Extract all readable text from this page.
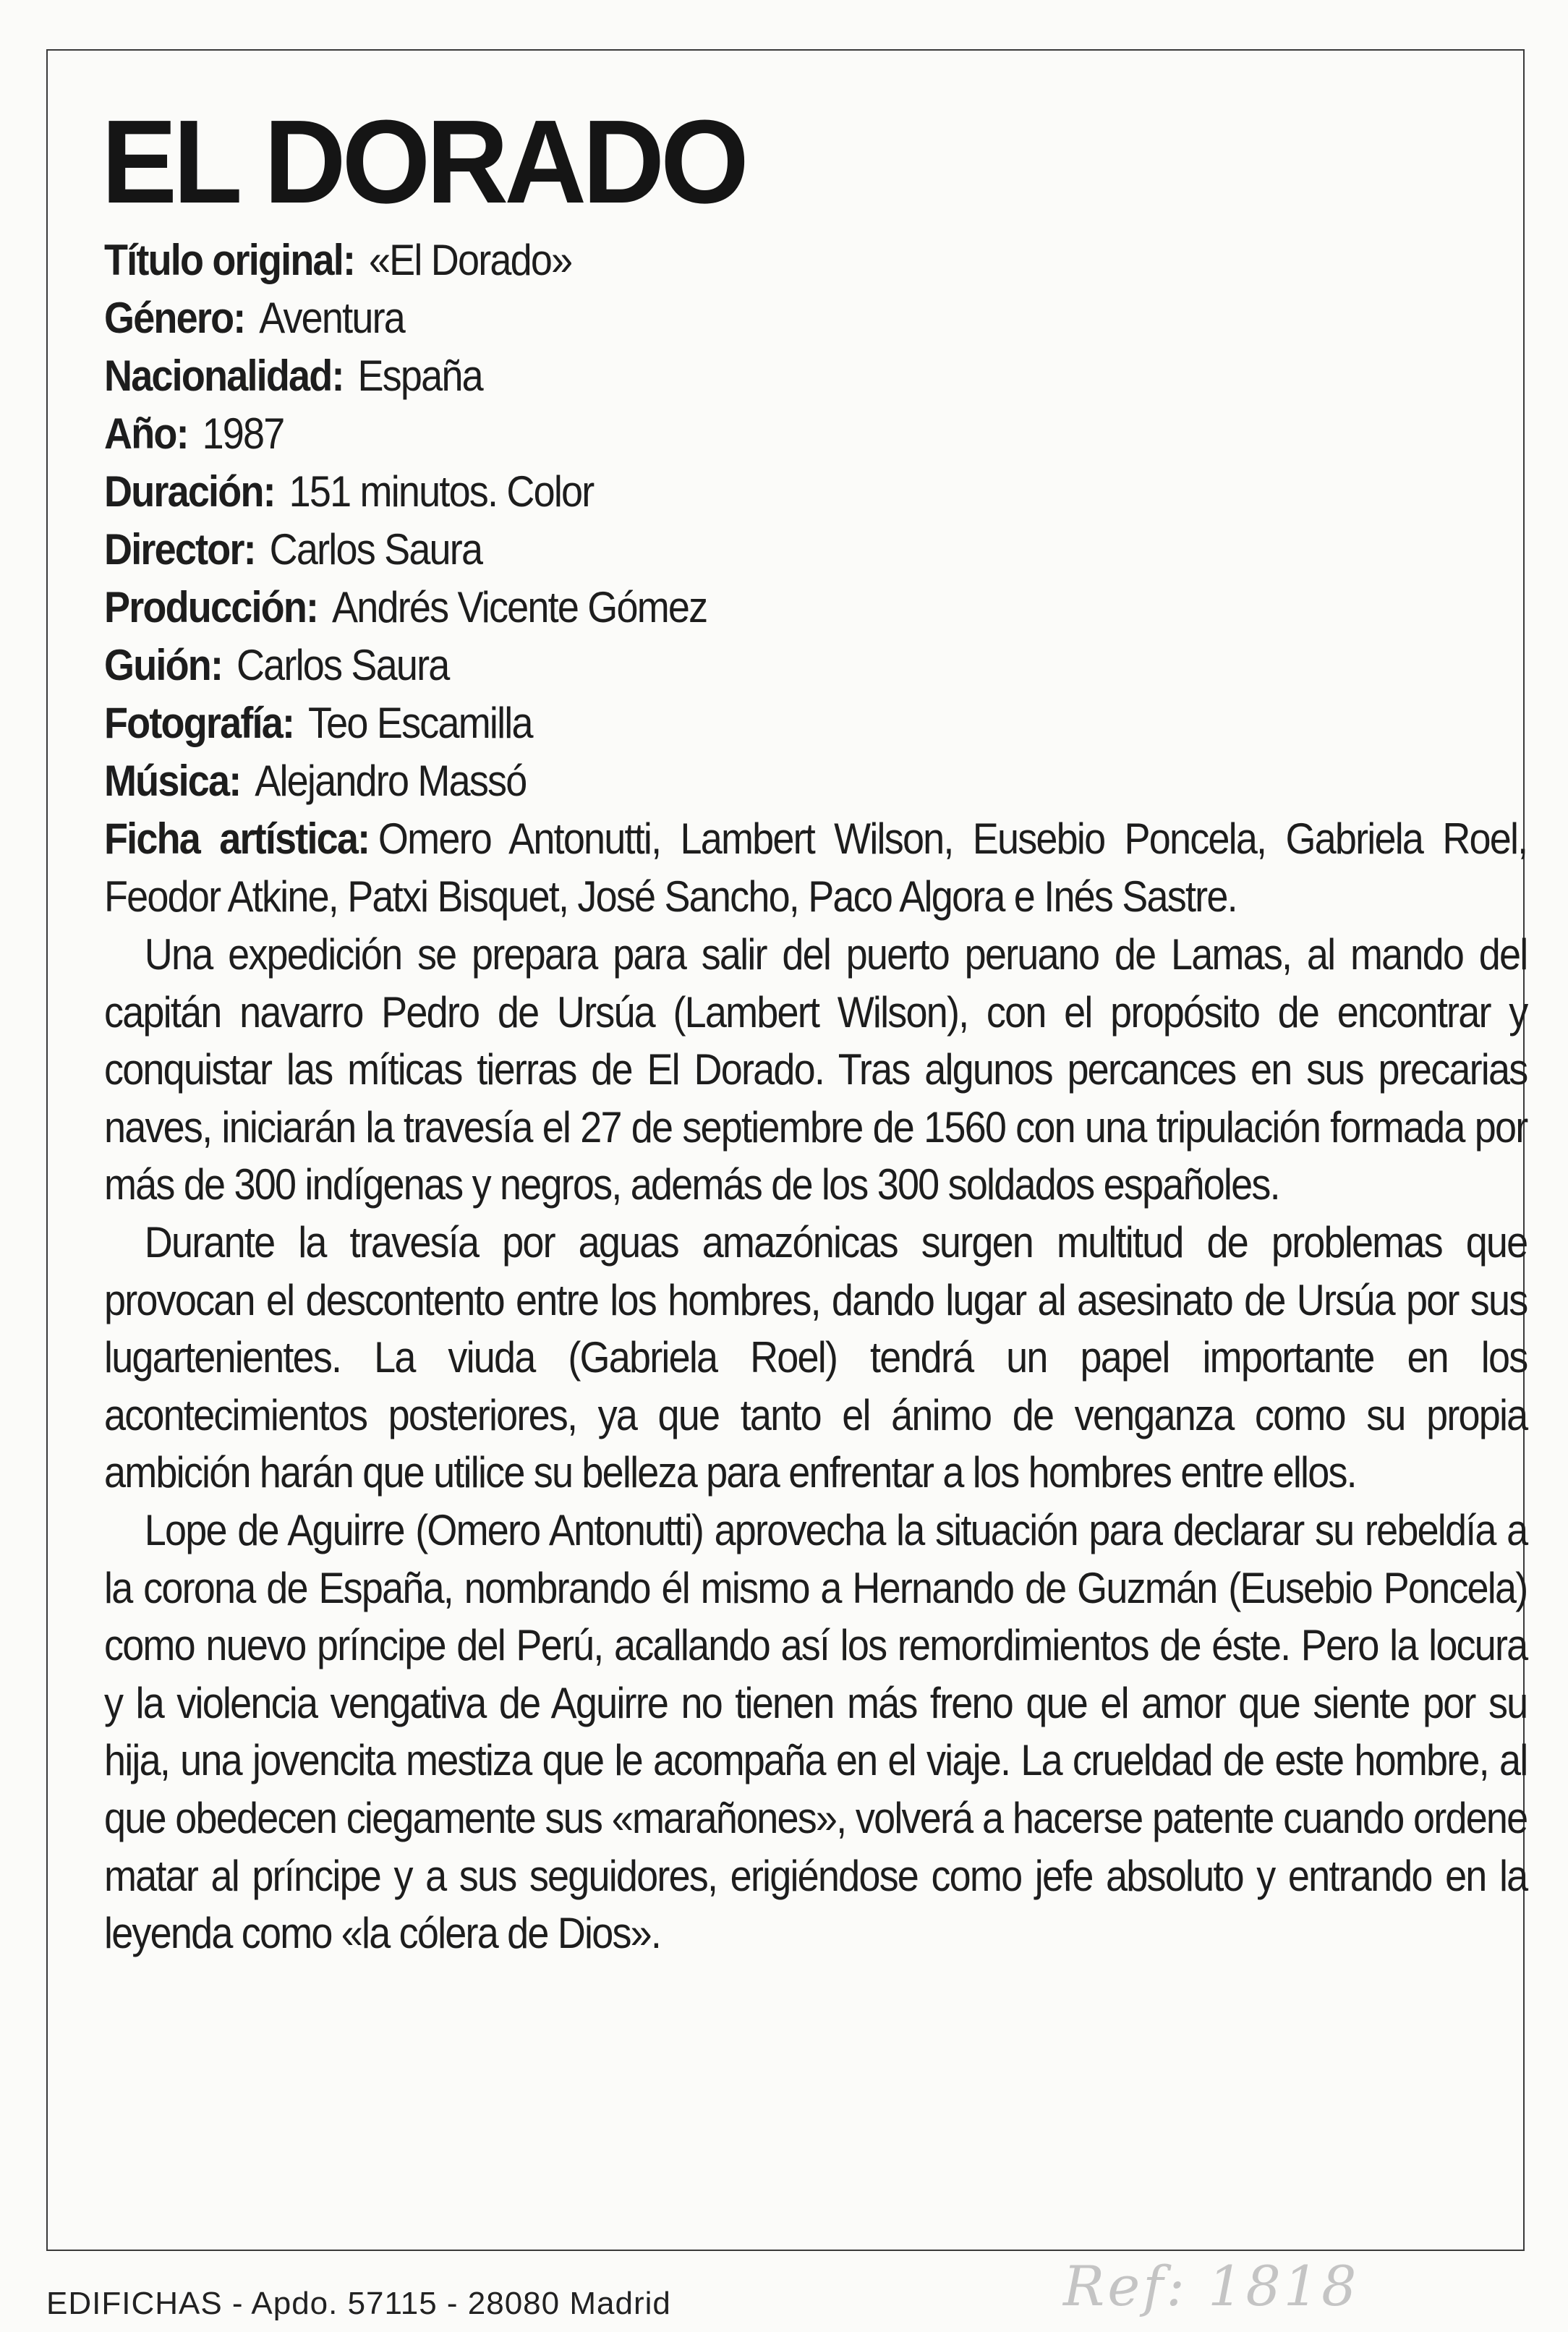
EL DORADO

Título original: «El Dorado»

Género: Aventura

Nacionalidad: España

Año: 1987

Duración: 151 minutos. Color

Director: Carlos Saura

Producción: Andrés Vicente Gómez

Guión: Carlos Saura

Fotografía: Teo Escamilla

Música: Alejandro Massó

Ficha artística: Omero Antonutti, Lambert Wilson, Eusebio Poncela, Gabriela Roel, Feodor Atkine, Patxi Bisquet, José Sancho, Paco Algora e Inés Sastre.

Una expedición se prepara para salir del puerto peruano de Lamas, al mando del capitán navarro Pedro de Ursúa (Lambert Wilson), con el propósito de encontrar y conquistar las míticas tierras de El Dorado. Tras algunos percances en sus precarias naves, iniciarán la travesía el 27 de septiembre de 1560 con una tripulación formada por más de 300 indígenas y negros, además de los 300 soldados españoles.

Durante la travesía por aguas amazónicas surgen multitud de problemas que provocan el descontento entre los hombres, dando lugar al asesinato de Ursúa por sus lugartenientes. La viuda (Gabriela Roel) tendrá un papel importante en los acontecimientos posteriores, ya que tanto el ánimo de venganza como su propia ambición harán que utilice su belleza para enfrentar a los hombres entre ellos.

Lope de Aguirre (Omero Antonutti) aprovecha la situación para declarar su rebeldía a la corona de España, nombrando él mismo a Hernando de Guzmán (Eusebio Poncela) como nuevo príncipe del Perú, acallando así los remordimientos de éste. Pero la locura y la violencia vengativa de Aguirre no tienen más freno que el amor que siente por su hija, una jovencita mestiza que le acompaña en el viaje. La crueldad de este hombre, al que obedecen ciegamente sus «marañones», volverá a hacerse patente cuando ordene matar al príncipe y a sus seguidores, erigiéndose como jefe absoluto y entrando en la leyenda como «la cólera de Dios».

EDIFICHAS - Apdo. 57115 - 28080 Madrid	Ref: 1818
